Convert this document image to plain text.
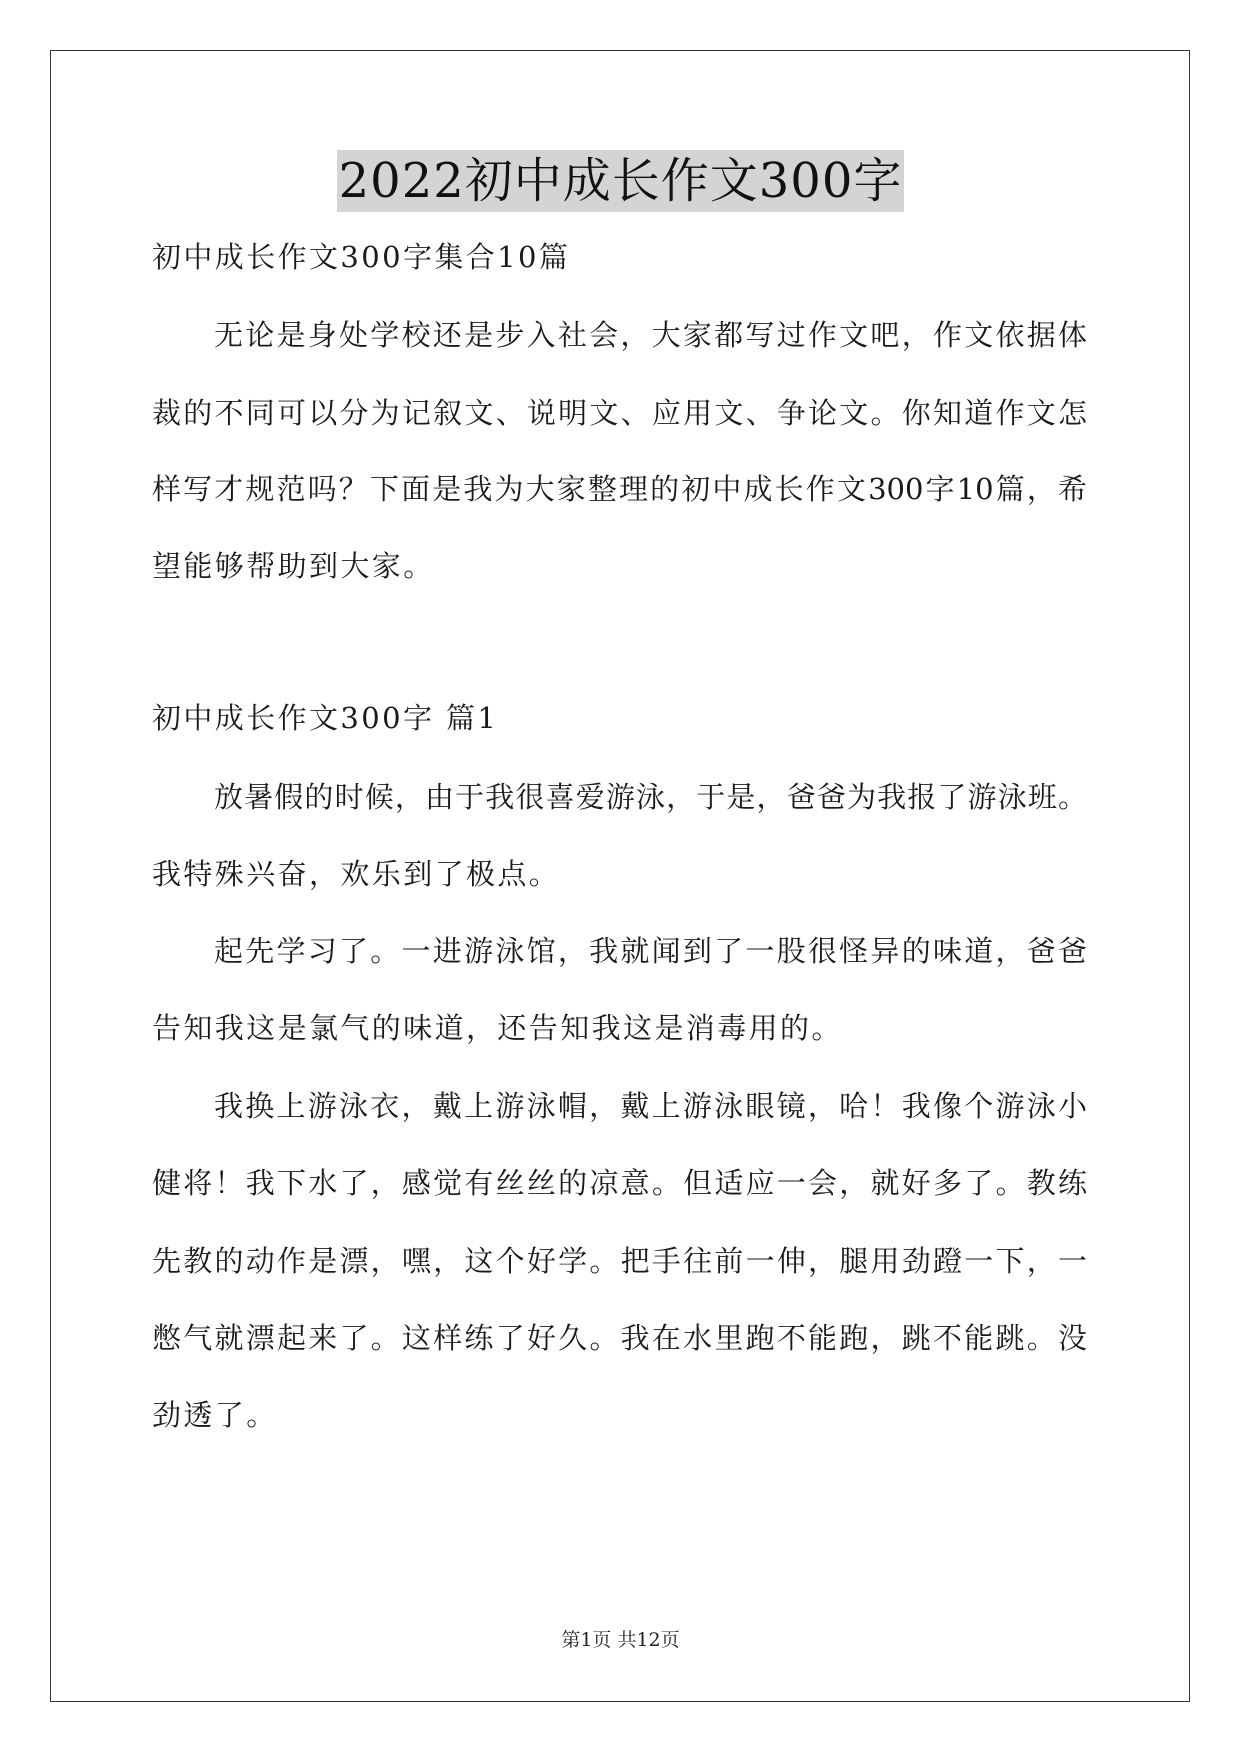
2022初中成长作文300字
初中成长作文300字集合10篇
无论是身处学校还是步入社会，大家都写过作文吧，作文依据体
裁的不同可以分为记叙文、说明文、应用文、争论文。你知道作文怎
样写才规范吗？下面是我为大家整理的初中成长作文300字10篇，希
望能够帮助到大家。
初中成长作文300字 篇1
放暑假的时候，由于我很喜爱游泳，于是，爸爸为我报了游泳班。
我特殊兴奋，欢乐到了极点。
起先学习了。一进游泳馆，我就闻到了一股很怪异的味道，爸爸
告知我这是氯气的味道，还告知我这是消毒用的。
我换上游泳衣，戴上游泳帽，戴上游泳眼镜，哈！我像个游泳小
健将！我下水了，感觉有丝丝的凉意。但适应一会，就好多了。教练
先教的动作是漂，嘿，这个好学。把手往前一伸，腿用劲蹬一下，一
憋气就漂起来了。这样练了好久。我在水里跑不能跑，跳不能跳。没
劲透了。
第1页 共12页
